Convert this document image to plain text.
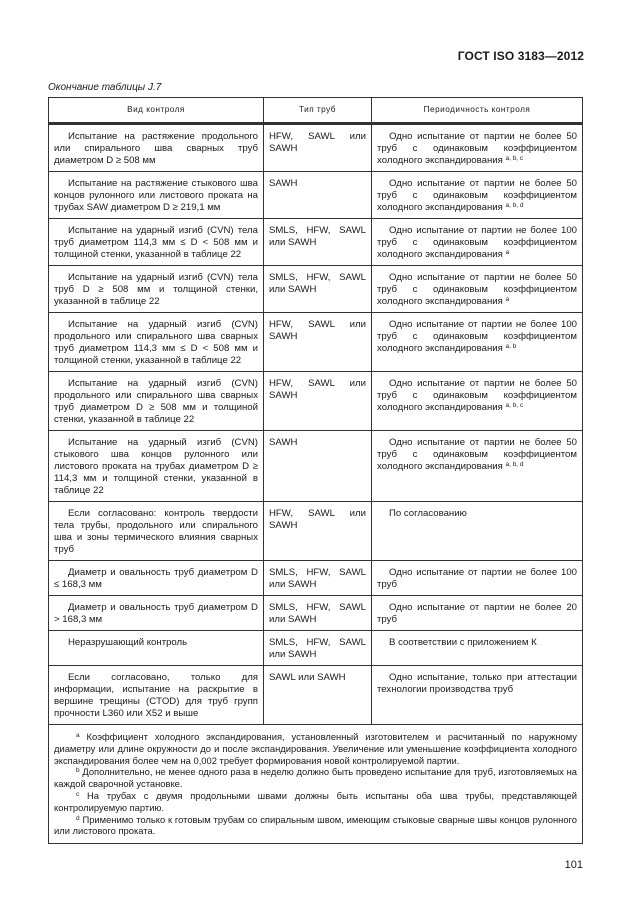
ГОСТ ISO 3183—2012
Окончание таблицы J.7
Вид контроля	Тип труб	Периодичность контроля

Испытание на растяжение продольного или спирального шва сварных труб диаметром D ≥ 508 мм	HFW, SAWL или SAWH	Одно испытание от партии не более 50 труб с одинаковым коэффициентом холодного экспандирования $^{a, b, c}$
Испытание на растяжение стыкового шва концов рулонного или листового проката на трубах SAW диаметром D ≥ 219,1 мм	SAWH	Одно испытание от партии не более 50 труб с одинаковым коэффициентом холодного экспандирования $^{a, b, d}$
Испытание на ударный изгиб (CVN) тела труб диаметром 114,3 мм ≤ D < 508 мм и толщиной стенки, указанной в таблице 22	SMLS, HFW, SAWL или SAWH	Одно испытание от партии не более 100 труб с одинаковым коэффициентом холодного экспандирования $^a$
Испытание на ударный изгиб (CVN) тела труб D ≥ 508 мм и толщиной стенки, указанной в таблице 22	SMLS, HFW, SAWL или SAWH	Одно испытание от партии не более 50 труб с одинаковым коэффициентом холодного экспандирования $^a$
Испытание на ударный изгиб (CVN) продольного или спирального шва сварных труб диаметром 114,3 мм ≤ D < 508 мм и толщиной стенки, указанной в таблице 22	HFW, SAWL или SAWH	Одно испытание от партии не более 100 труб с одинаковым коэффициентом холодного экспандирования $^{a, b}$
Испытание на ударный изгиб (CVN) продольного или спирального шва сварных труб диаметром D ≥ 508 мм и толщиной стенки, указанной в таблице 22	HFW, SAWL или SAWH	Одно испытание от партии не более 50 труб с одинаковым коэффициентом холодного экспандирования $^{a, b, c}$
Испытание на ударный изгиб (CVN) стыкового шва концов рулонного или листового проката на трубах диаметром D ≥ 114,3 мм и толщиной стенки, указанной в таблице 22	SAWH	Одно испытание от партии не более 50 труб с одинаковым коэффициентом холодного экспандирования $^{a, b, d}$
Если согласовано: контроль твердости тела трубы, продольного или спирального шва и зоны термического влияния сварных труб	HFW, SAWL или SAWH	По согласованию
Диаметр и овальность труб диаметром D ≤ 168,3 мм	SMLS, HFW, SAWL или SAWH	Одно испытание от партии не более 100 труб
Диаметр и овальность труб диаметром D > 168,3 мм	SMLS, HFW, SAWL или SAWH	Одно испытание от партии не более 20 труб
Неразрушающий контроль	SMLS, HFW, SAWL или SAWH	В соответствии с приложением К
Если согласовано, только для информации, испытание на раскрытие в вершине трещины (CTOD) для труб групп прочности L360 или X52 и выше	SAWL или SAWH	Одно испытание, только при аттестации технологии производства труб

$^a$ Коэффициент холодного экспандирования, установленный изготовителем и расчитанный по наружному диаметру или длине окружности до и после экспандирования. Увеличение или уменьшение коэффициента холодного экспандирования более чем на 0,002 требует формирования новой контролируемой партии.

$^b$ Дополнительно, не менее одного раза в неделю должно быть проведено испытание для труб, изготовляемых на каждой сварочной установке.

$^c$ На трубах с двумя продольными швами должны быть испытаны оба шва трубы, представляющей контролируемую партию.

$^d$ Применимо только к готовым трубам со спиральным швом, имеющим стыковые сварные швы концов рулонного или листового проката.		

101
